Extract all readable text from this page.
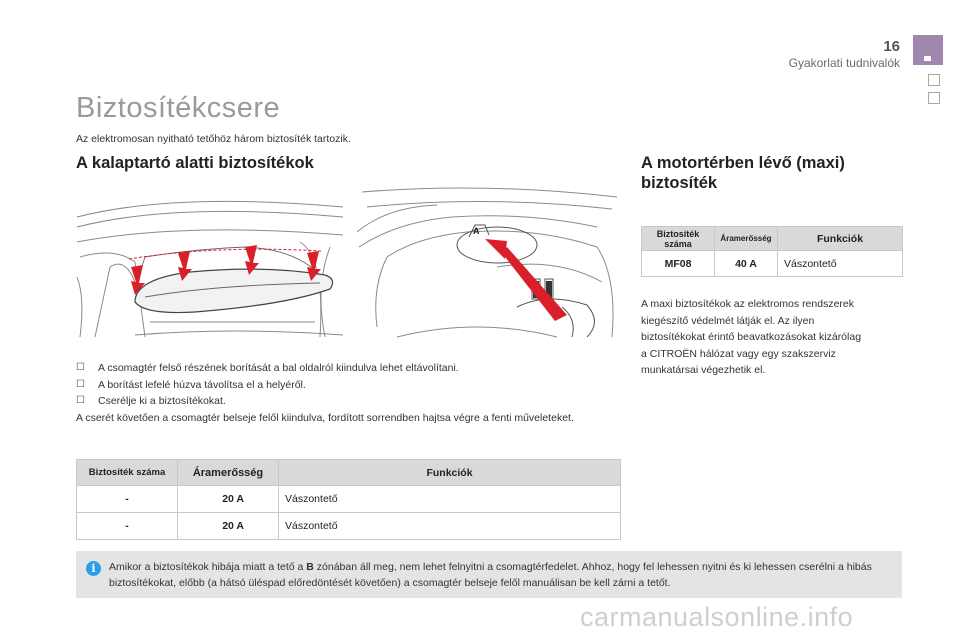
16
Gyakorlati tudnivalók
Biztosítékcsere
Az elektromosan nyitható tetőhöz három biztosíték tartozik.
A kalaptartó alatti biztosítékok
A
☐ A csomagtér felső részének borítását a bal oldalról kiindulva lehet eltávolítani.
☐ A borítást lefelé húzva távolítsa el a helyéről.
☐ Cserélje ki a biztosítékokat.
A cserét követően a csomagtér belseje felől kiindulva, fordított sorrendben hajtsa végre a fenti műveleteket.
Biztosíték száma	Áramerősség	Funkciók
-	20 A	Vászontető
-	20 A	Vászontető
A motortérben lévő (maxi)
biztosíték
Biztosíték száma	Áramerősség	Funkciók
MF08	40 A	Vászontető
A maxi biztosítékok az elektromos rendszerek
kiegészítő védelmét látják el. Az ilyen
biztosítékokat érintő beavatkozásokat kizárólag
a CITROËN hálózat vagy egy szakszerviz
munkatársai végezhetik el.
i	Amikor a biztosítékok hibája miatt a tető a B zónában áll meg, nem lehet felnyitni a csomagtérfedelet. Ahhoz, hogy fel lehessen nyitni és ki lehessen cserélni a hibás biztosítékokat, előbb (a hátsó üléspad előredöntését követően) a csomagtér belseje felől manuálisan be kell zárni a tetőt.
carmanualsonline.info
